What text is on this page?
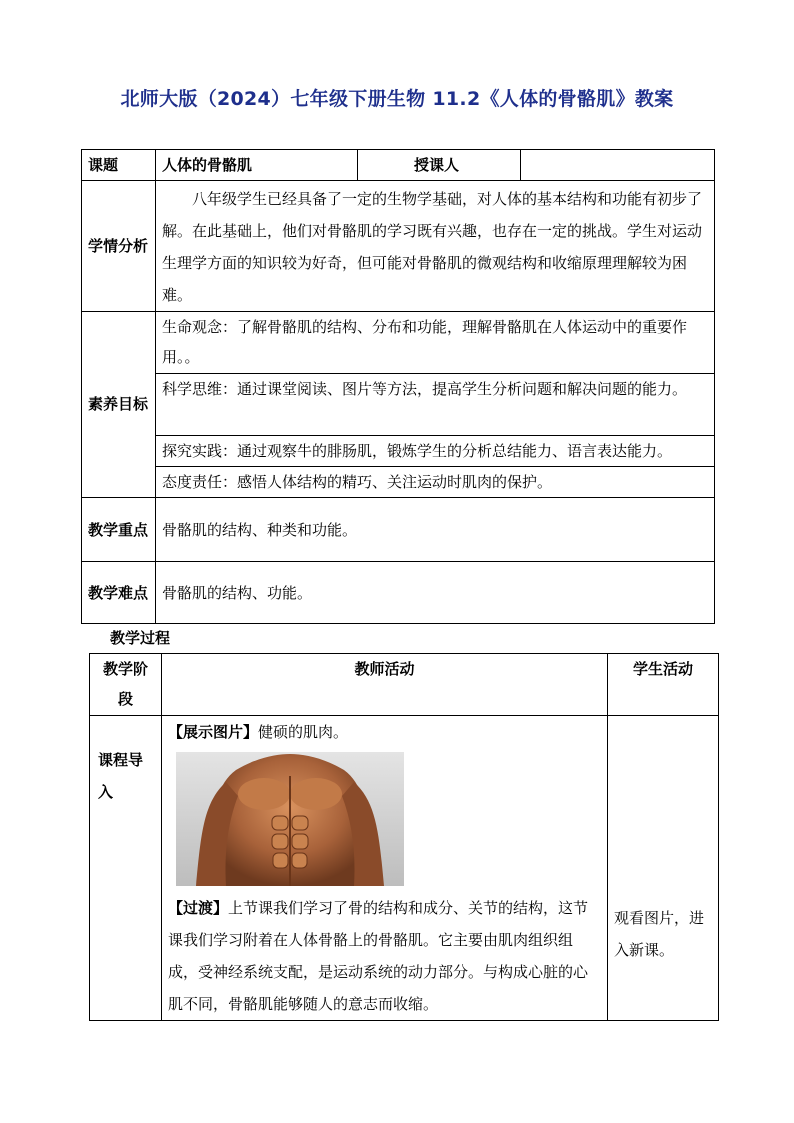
北师大版（2024）七年级下册生物 11.2《人体的骨骼肌》教案
课题	人体的骨骼肌	授课人	
学情分析	八年级学生已经具备了一定的生物学基础，对人体的基本结构和功能有初步了解。在此基础上，他们对骨骼肌的学习既有兴趣，也存在一定的挑战。学生对运动生理学方面的知识较为好奇，但可能对骨骼肌的微观结构和收缩原理理解较为困难。		
素养目标	生命观念：了解骨骼肌的结构、分布和功能，理解骨骼肌在人体运动中的重要作用。。		
	科学思维：通过课堂阅读、图片等方法，提高学生分析问题和解决问题的能力。		
	探究实践：通过观察牛的腓肠肌，锻炼学生的分析总结能力、语言表达能力。		
	态度责任：感悟人体结构的精巧、关注运动时肌肉的保护。		
教学重点	骨骼肌的结构、种类和功能。		
教学难点	骨骼肌的结构、功能。		
教学过程
教学阶段	教师活动	学生活动
课程导入	【展示图片】健硕的肌肉。
【过渡】上节课我们学习了骨的结构和成分、关节的结构，这节课我们学习附着在人体骨骼上的骨骼肌。它主要由肌肉组织组成，受神经系统支配，是运动系统的动力部分。与构成心脏的心肌不同，骨骼肌能够随人的意志而收缩。	观看图片，进入新课。
